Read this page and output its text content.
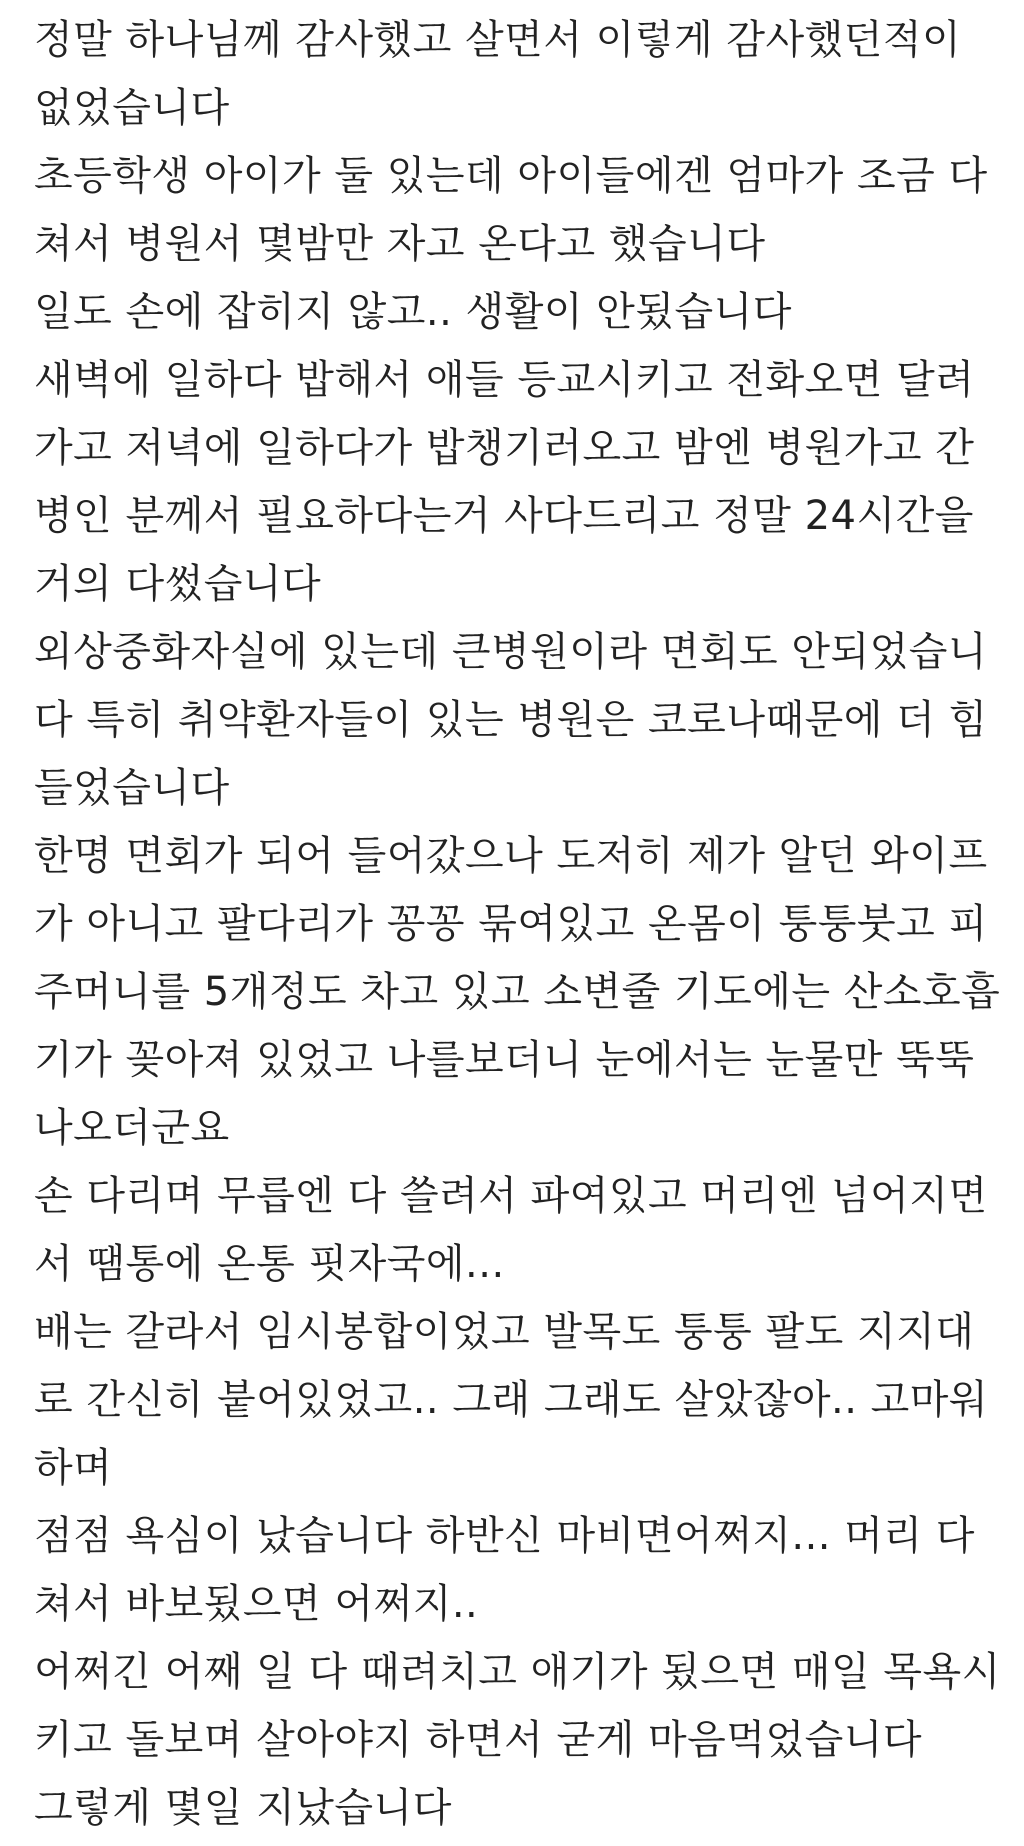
정말 하나님께 감사했고 살면서 이렇게 감사했던적이
없었습니다
초등학생 아이가 둘 있는데 아이들에겐 엄마가 조금 다
쳐서 병원서 몇밤만 자고 온다고 했습니다
일도 손에 잡히지 않고.. 생활이 안됬습니다
새벽에 일하다 밥해서 애들 등교시키고 전화오면 달려
가고 저녁에 일하다가 밥챙기러오고 밤엔 병원가고 간
병인 분께서 필요하다는거 사다드리고 정말 24시간을
거의 다썼습니다
외상중화자실에 있는데 큰병원이라 면회도 안되었습니
다 특히 취약환자들이 있는 병원은 코로나때문에 더 힘
들었습니다
한명 면회가 되어 들어갔으나 도저히 제가 알던 와이프
가 아니고 팔다리가 꽁꽁 묶여있고 온몸이 퉁퉁붓고 피
주머니를 5개정도 차고 있고 소변줄 기도에는 산소호흡
기가 꽂아져 있었고 나를보더니 눈에서는 눈물만 뚝뚝
나오더군요
손 다리며 무릅엔 다 쓸려서 파여있고 머리엔 넘어지면
서 땜통에 온통 핏자국에...
배는 갈라서 임시봉합이었고 발목도 퉁퉁 팔도 지지대
로 간신히 붙어있었고.. 그래 그래도 살았잖아.. 고마워
하며
점점 욕심이 났습니다 하반신 마비면어쩌지... 머리 다
쳐서 바보됬으면 어쩌지..
어쩌긴 어째 일 다 때려치고 애기가 됬으면 매일 목욕시
키고 돌보며 살아야지 하면서 굳게 마음먹었습니다
그렇게 몇일 지났습니다
